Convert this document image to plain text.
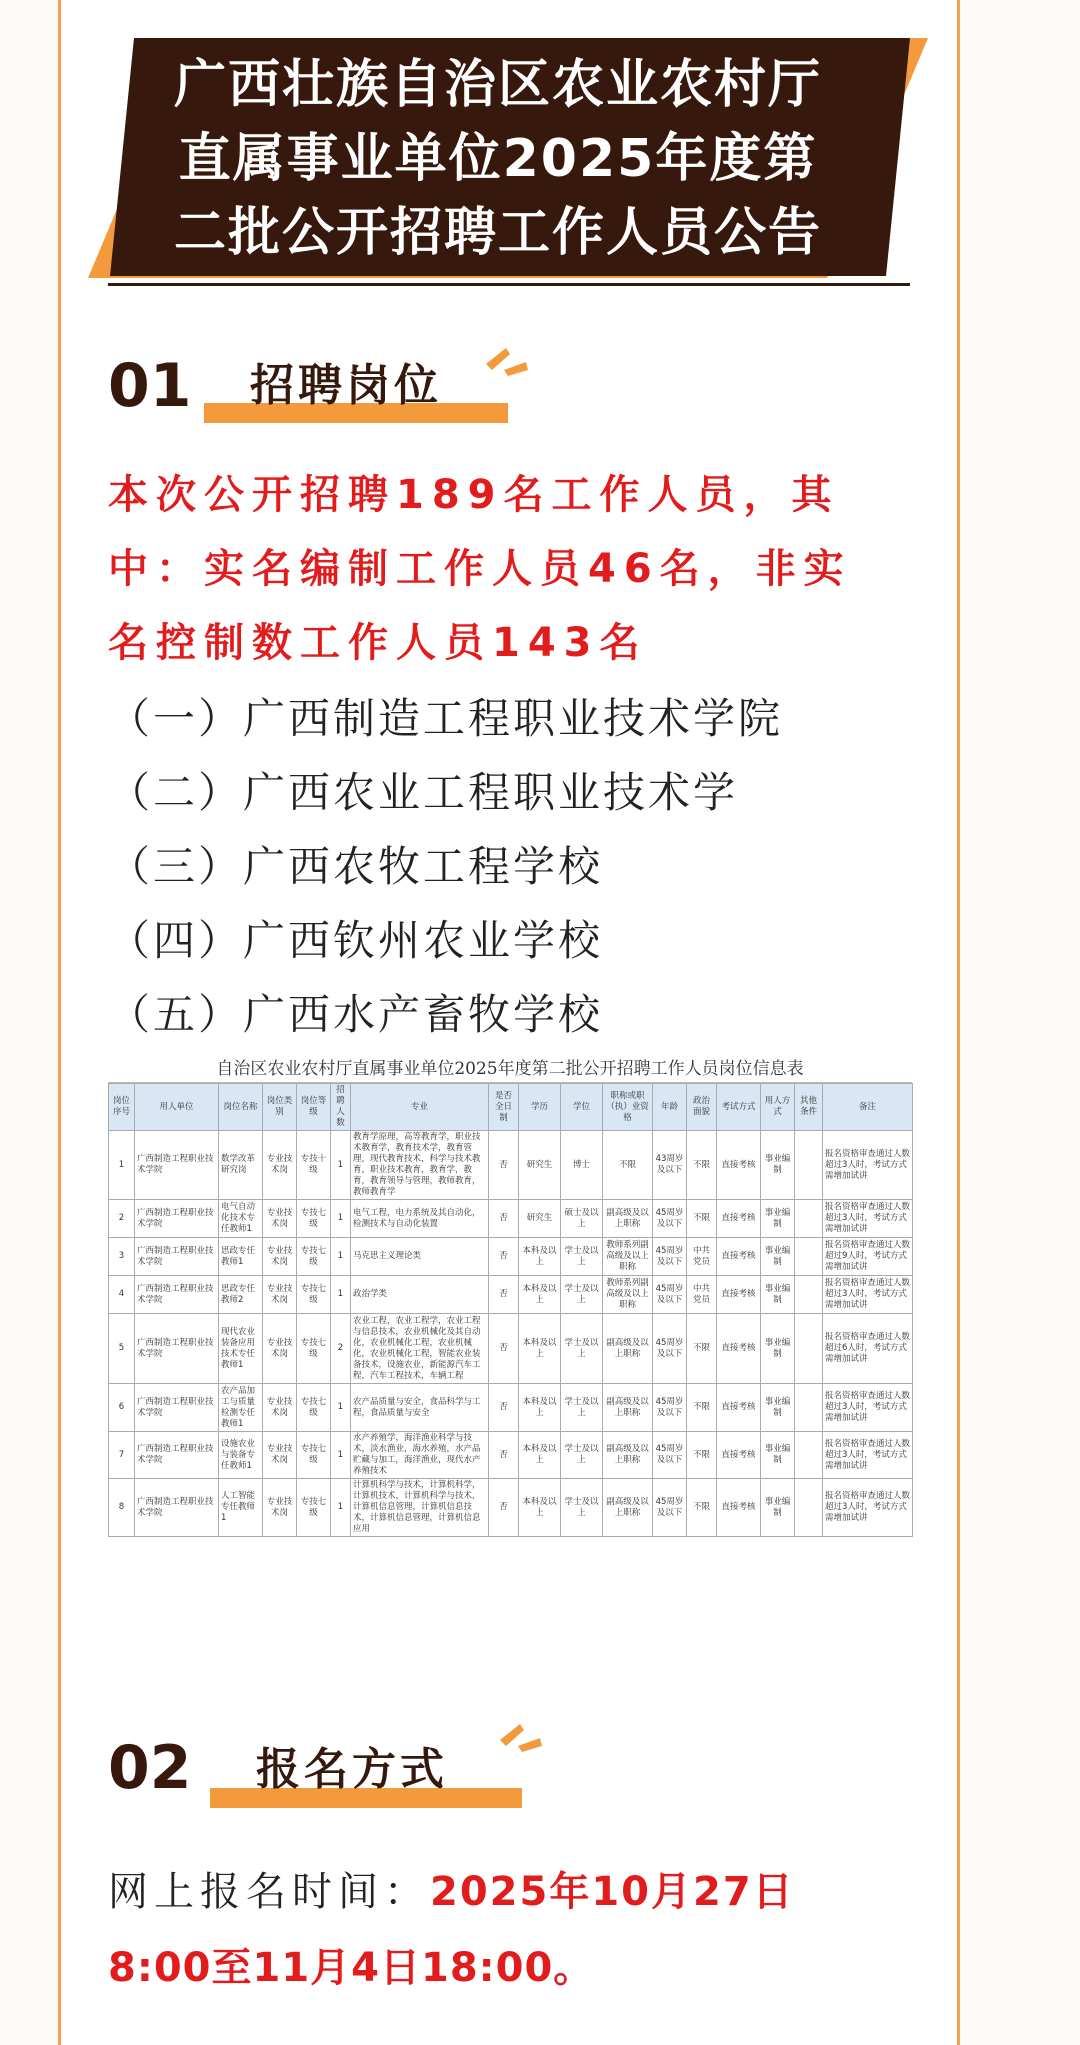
广西壮族自治区农业农村厅
直属事业单位2025年度第
二批公开招聘工作人员公告
01 招聘岗位
本次公开招聘189名工作人员，其
中：实名编制工作人员46名，非实
名控制数工作人员143名
（一）广西制造工程职业技术学院
（二）广西农业工程职业技术学
（三）广西农牧工程学校
（四）广西钦州农业学校
（五）广西水产畜牧学校
自治区农业农村厅直属事业单位2025年度第二批公开招聘工作人员岗位信息表
岗位序号	用人单位	岗位名称	岗位类别	岗位等级	招聘人数	专业	是否全日制	学历	学位	职称或职（执）业资格	年龄	政治面貌	考试方式	用人方式	其他条件	备注
1	广西制造工程职业技术学院	数学改革研究岗	专业技术岗	专技十级	1	教育学原理，高等教育学，职业技术教育学，教育技术学，教育管理，现代教育技术，科学与技术教育，职业技术教育，教育学，教育，教育领导与管理，教师教育，教师教育学	否	研究生	博士	不限	43周岁及以下	不限	直接考核	事业编制		报名资格审查通过人数超过3人时，考试方式需增加试讲
2	广西制造工程职业技术学院	电气自动化技术专任教师1	专业技术岗	专技七级	1	电气工程，电力系统及其自动化，检测技术与自动化装置	否	研究生	硕士及以上	副高级及以上职称	45周岁及以下	不限	直接考核	事业编制		报名资格审查通过人数超过3人时，考试方式需增加试讲
3	广西制造工程职业技术学院	思政专任教师1	专业技术岗	专技七级	1	马克思主义理论类	否	本科及以上	学士及以上	教师系列副高级及以上职称	45周岁及以下	中共党员	直接考核	事业编制		报名资格审查通过人数超过9人时，考试方式需增加试讲
4	广西制造工程职业技术学院	思政专任教师2	专业技术岗	专技七级	1	政治学类	否	本科及以上	学士及以上	教师系列副高级及以上职称	45周岁及以下	中共党员	直接考核	事业编制		报名资格审查通过人数超过3人时，考试方式需增加试讲
5	广西制造工程职业技术学院	现代农业装备应用技术专任教师1	专业技术岗	专技七级	2	农业工程，农业工程学，农业工程与信息技术，农业机械化及其自动化，农业机械化工程，农业机械化，农业机械化工程，智能农业装备技术，设施农业，新能源汽车工程，汽车工程技术，车辆工程	否	本科及以上	学士及以上	副高级及以上职称	45周岁及以下	不限	直接考核	事业编制		报名资格审查通过人数超过6人时，考试方式需增加试讲
6	广西制造工程职业技术学院	农产品加工与质量检测专任教师1	专业技术岗	专技七级	1	农产品质量与安全，食品科学与工程，食品质量与安全	否	本科及以上	学士及以上	副高级及以上职称	45周岁及以下	不限	直接考核	事业编制		报名资格审查通过人数超过3人时，考试方式需增加试讲
7	广西制造工程职业技术学院	设施农业与装备专任教师1	专业技术岗	专技七级	1	水产养殖学，海洋渔业科学与技术，淡水渔业，海水养殖，水产品贮藏与加工，海洋渔业，现代水产养殖技术	否	本科及以上	学士及以上	副高级及以上职称	45周岁及以下	不限	直接考核	事业编制		报名资格审查通过人数超过3人时，考试方式需增加试讲
8	广西制造工程职业技术学院	人工智能专任教师1	专业技术岗	专技七级	1	计算机科学与技术，计算机科学，计算机技术，计算机科学与技术，计算机信息管理，计算机信息技术，计算机信息管理，计算机信息应用	否	本科及以上	学士及以上	副高级及以上职称	45周岁及以下	不限	直接考核	事业编制		报名资格审查通过人数超过3人时，考试方式需增加试讲
02 报名方式
网上报名时间：2025年10月27日
8:00至11月4日18:00。
